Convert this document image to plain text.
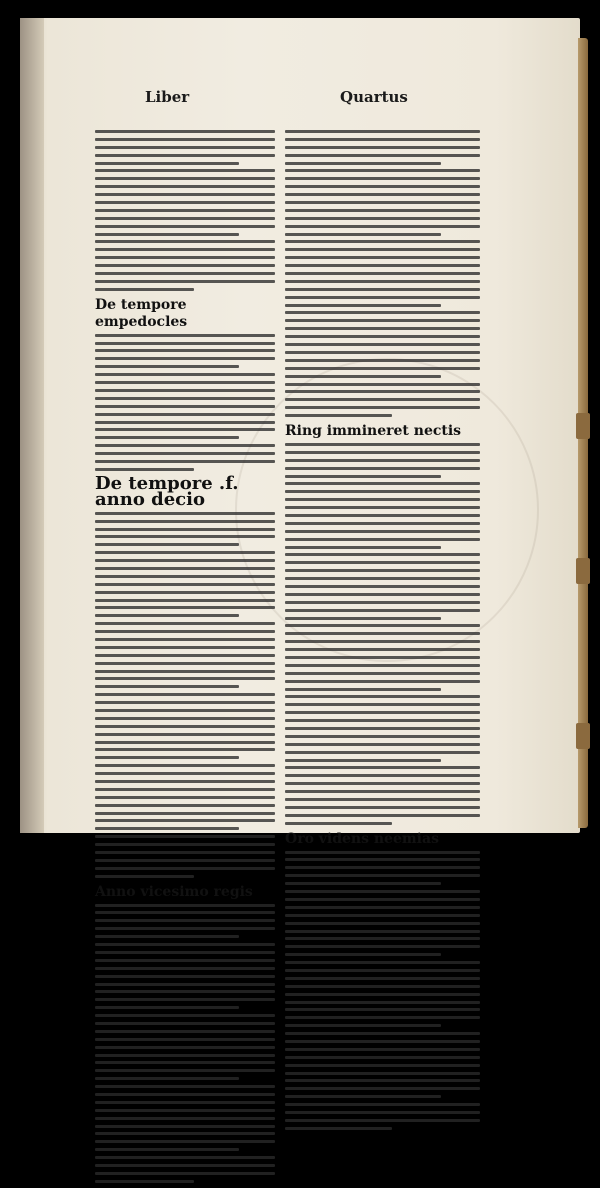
Liber	Quartus
De tempore empedocles
De tempore .f. anno decio
Anno vicesimo regis
Ring immineret nectis
Oro videns neemias
